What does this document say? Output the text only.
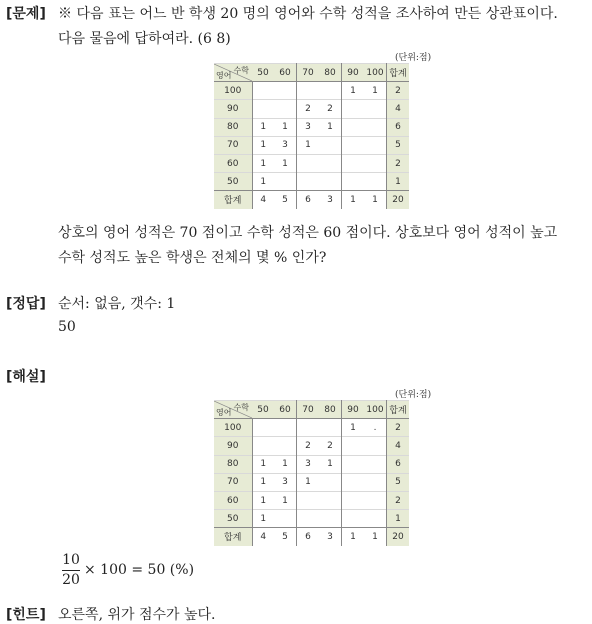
[문제] ※ 다음 표는 어느 반 학생 20 명의 영어와 수학 성적을 조사하여 만든 상관표이다.
다음 물음에 답하여라. (6 8)
(단위:점)
수학
영어	50	60	70	80	90	100	합계
100					1	1	2
90			2	2			4
80	1	1	3	1			6
70	1	3	1				5
60	1	1					2
50	1						1
합계	4	5	6	3	1	1	20
상호의 영어 성적은 70 점이고 수학 성적은 60 점이다. 상호보다 영어 성적이 높고
수학 성적도 높은 학생은 전체의 몇 % 인가?
[정답] 순서: 없음, 갯수: 1
50
[해설]
(단위:점)
수학
영어	50	60	70	80	90	100	합계
100					1	.	2
90			2	2			4
80	1	1	3	1			6
70	1	3	1				5
60	1	1					2
50	1						1
합계	4	5	6	3	1	1	20
10
20
× 100 = 50 (%)
[힌트] 오른쪽, 위가 점수가 높다.
